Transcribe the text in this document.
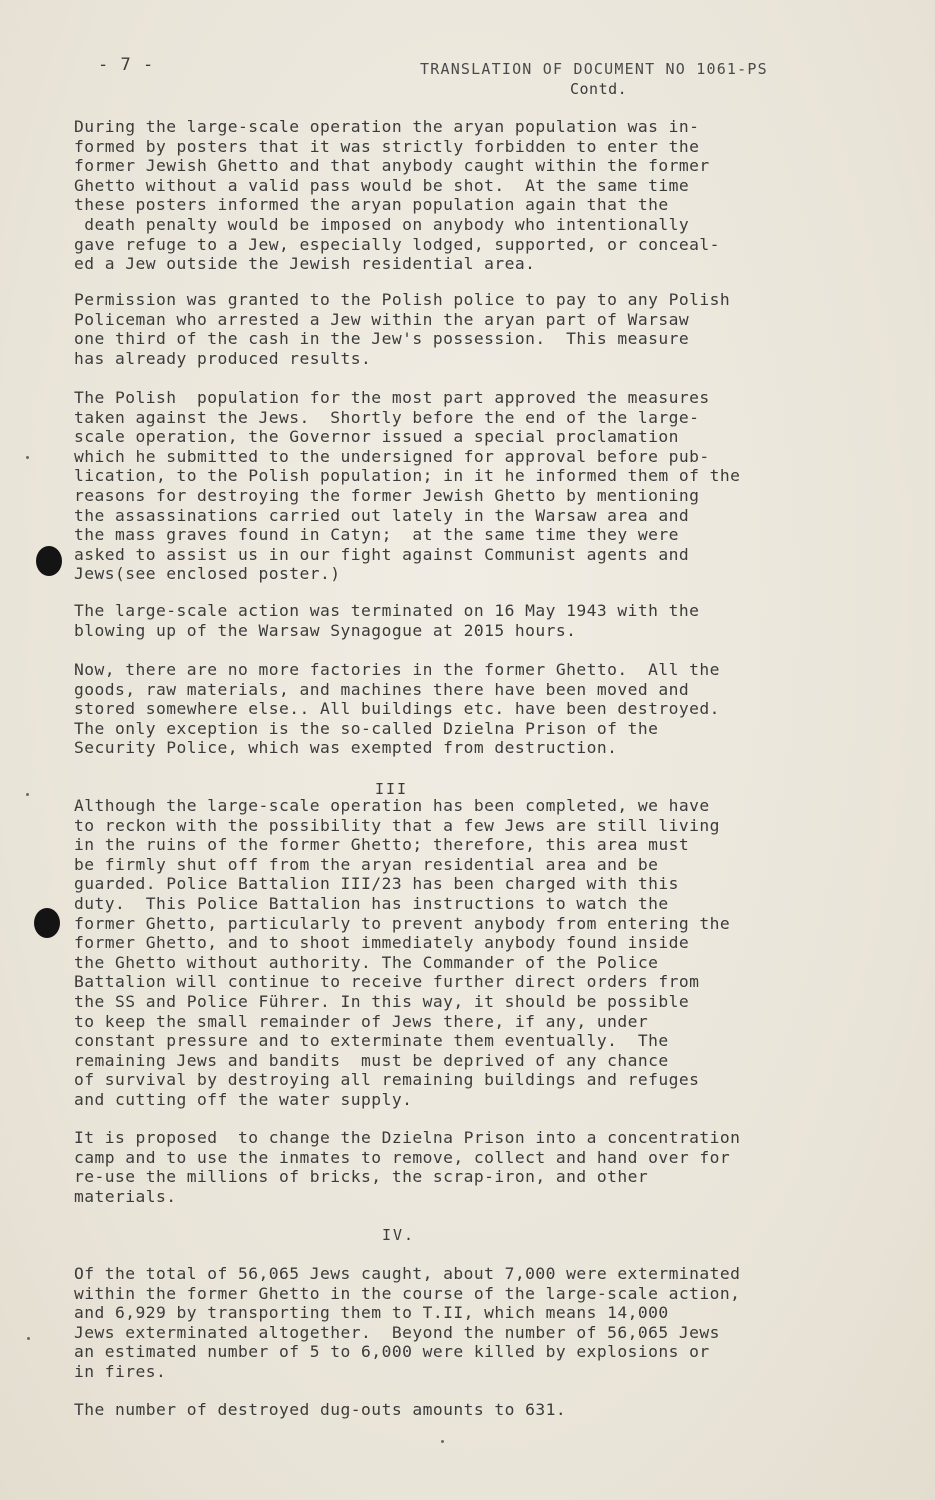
- 7 -	TRANSLATION OF DOCUMENT NO 1061-PS
Contd.
During the large-scale operation the aryan population was in-
formed by posters that it was strictly forbidden to enter the
former Jewish Ghetto and that anybody caught within the former
Ghetto without a valid pass would be shot.  At the same time
these posters informed the aryan population again that the
death penalty would be imposed on anybody who intentionally
gave refuge to a Jew, especially lodged, supported, or conceal-
ed a Jew outside the Jewish residential area.
Permission was granted to the Polish police to pay to any Polish
Policeman who arrested a Jew within the aryan part of Warsaw
one third of the cash in the Jew's possession.  This measure
has already produced results.
The Polish  population for the most part approved the measures
taken against the Jews.  Shortly before the end of the large-
scale operation, the Governor issued a special proclamation
which he submitted to the undersigned for approval before pub-
lication, to the Polish population; in it he informed them of the
reasons for destroying the former Jewish Ghetto by mentioning
the assassinations carried out lately in the Warsaw area and
the mass graves found in Catyn;  at the same time they were
asked to assist us in our fight against Communist agents and
Jews(see enclosed poster.)
The large-scale action was terminated on 16 May 1943 with the
blowing up of the Warsaw Synagogue at 2015 hours.
Now, there are no more factories in the former Ghetto.  All the
goods, raw materials, and machines there have been moved and
stored somewhere else.. All buildings etc. have been destroyed.
The only exception is the so-called Dzielna Prison of the
Security Police, which was exempted from destruction.
III
Although the large-scale operation has been completed, we have
to reckon with the possibility that a few Jews are still living
in the ruins of the former Ghetto; therefore, this area must
be firmly shut off from the aryan residential area and be
guarded. Police Battalion III/23 has been charged with this
duty.  This Police Battalion has instructions to watch the
former Ghetto, particularly to prevent anybody from entering the
former Ghetto, and to shoot immediately anybody found inside
the Ghetto without authority. The Commander of the Police
Battalion will continue to receive further direct orders from
the SS and Police Führer. In this way, it should be possible
to keep the small remainder of Jews there, if any, under
constant pressure and to exterminate them eventually.  The
remaining Jews and bandits  must be deprived of any chance
of survival by destroying all remaining buildings and refuges
and cutting off the water supply.
It is proposed  to change the Dzielna Prison into a concentration
camp and to use the inmates to remove, collect and hand over for
re-use the millions of bricks, the scrap-iron, and other
materials.
IV.
Of the total of 56,065 Jews caught, about 7,000 were exterminated
within the former Ghetto in the course of the large-scale action,
and 6,929 by transporting them to T.II, which means 14,000
Jews exterminated altogether.  Beyond the number of 56,065 Jews
an estimated number of 5 to 6,000 were killed by explosions or
in fires.
The number of destroyed dug-outs amounts to 631.
